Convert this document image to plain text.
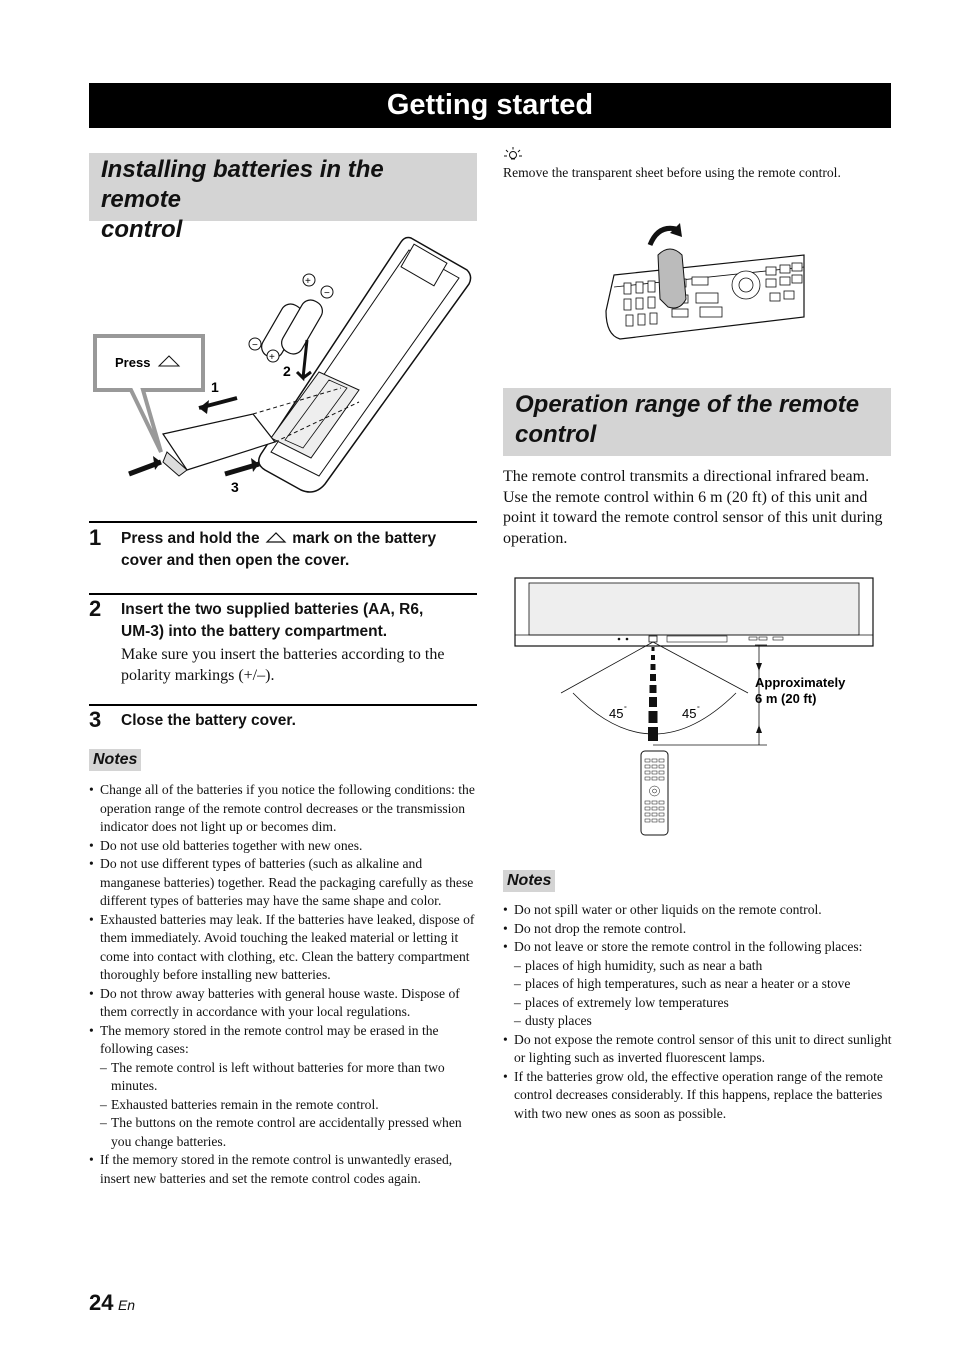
Getting started
Installing batteries in the remote
control
+
−
−
+
1
2
3
Press
1 Press and hold the mark on the battery
cover and then open the cover.
2 Insert the two supplied batteries (AA, R6,
UM-3) into the battery compartment.
Make sure you insert the batteries according to the polarity markings (+/–).
3 Close the battery cover.
Notes
• Change all of the batteries if you notice the following conditions: the operation range of the remote control decreases or the transmission indicator does not light up or becomes dim.
• Do not use old batteries together with new ones.
• Do not use different types of batteries (such as alkaline and manganese batteries) together. Read the packaging carefully as these different types of batteries may have the same shape and color.
• Exhausted batteries may leak. If the batteries have leaked, dispose of them immediately. Avoid touching the leaked material or letting it come into contact with clothing, etc. Clean the battery compartment thoroughly before installing new batteries.
• Do not throw away batteries with general house waste. Dispose of them correctly in accordance with your local regulations.
• The memory stored in the remote control may be erased in the following cases:
– The remote control is left without batteries for more than two minutes.
– Exhausted batteries remain in the remote control.
– The buttons on the remote control are accidentally pressed when you change batteries.
• If the memory stored in the remote control is unwantedly erased, insert new batteries and set the remote control codes again.
Remove the transparent sheet before using the remote control.
Operation range of the remote
control
The remote control transmits a directional infrared beam. Use the remote control within 6 m (20 ft) of this unit and point it toward the remote control sensor of this unit during operation.
Approximately
6 m (20 ft)
45 °	45 °
Notes
• Do not spill water or other liquids on the remote control.
• Do not drop the remote control.
• Do not leave or store the remote control in the following places:
– places of high humidity, such as near a bath
– places of high temperatures, such as near a heater or a stove
– places of extremely low temperatures
– dusty places
• Do not expose the remote control sensor of this unit to direct sunlight or lighting such as inverted fluorescent lamps.
• If the batteries grow old, the effective operation range of the remote control decreases considerably. If this happens, replace the batteries with two new ones as soon as possible.
24 En
